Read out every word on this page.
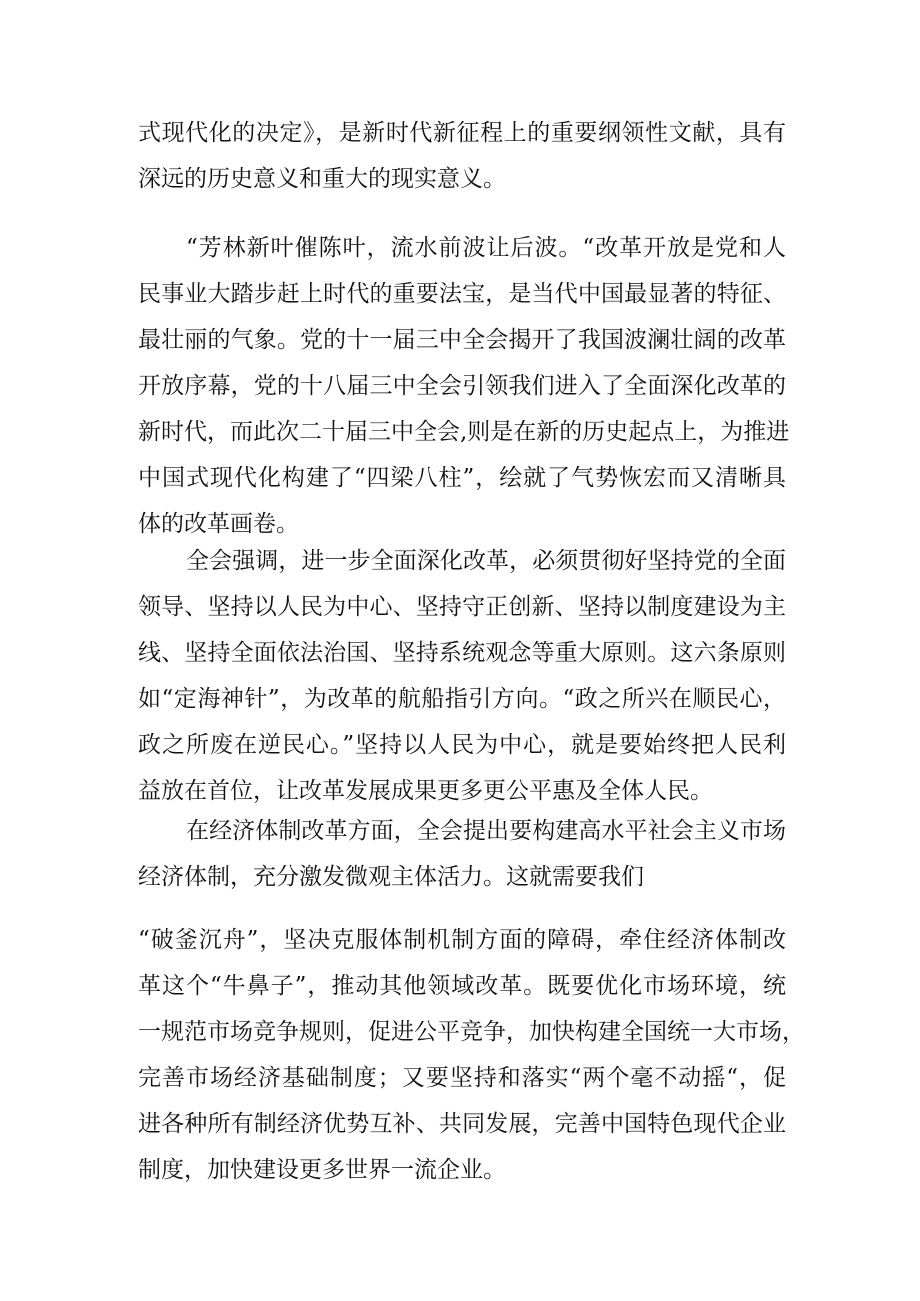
式现代化的决定》，是新时代新征程上的重要纲领性文献，具有
深远的历史意义和重大的现实意义。
“芳林新叶催陈叶，流水前波让后波。“改革开放是党和人
民事业大踏步赶上时代的重要法宝，是当代中国最显著的特征、
最壮丽的气象。党的十一届三中全会揭开了我国波澜壮阔的改革
开放序幕，党的十八届三中全会引领我们进入了全面深化改革的
新时代，而此次二十届三中全会,则是在新的历史起点上，为推进
中国式现代化构建了“四梁八柱”，绘就了气势恢宏而又清晰具
体的改革画卷。
全会强调，进一步全面深化改革，必须贯彻好坚持党的全面
领导、坚持以人民为中心、坚持守正创新、坚持以制度建设为主
线、坚持全面依法治国、坚持系统观念等重大原则。这六条原则
如“定海神针”，为改革的航船指引方向。“政之所兴在顺民心，
政之所废在逆民心。”坚持以人民为中心，就是要始终把人民利
益放在首位，让改革发展成果更多更公平惠及全体人民。
在经济体制改革方面，全会提出要构建高水平社会主义市场
经济体制，充分激发微观主体活力。这就需要我们
“破釜沉舟”，坚决克服体制机制方面的障碍，牵住经济体制改
革这个“牛鼻子”，推动其他领域改革。既要优化市场环境，统
一规范市场竞争规则，促进公平竞争，加快构建全国统一大市场，
完善市场经济基础制度；又要坚持和落实“两个毫不动摇“，促
进各种所有制经济优势互补、共同发展，完善中国特色现代企业
制度，加快建设更多世界一流企业。
